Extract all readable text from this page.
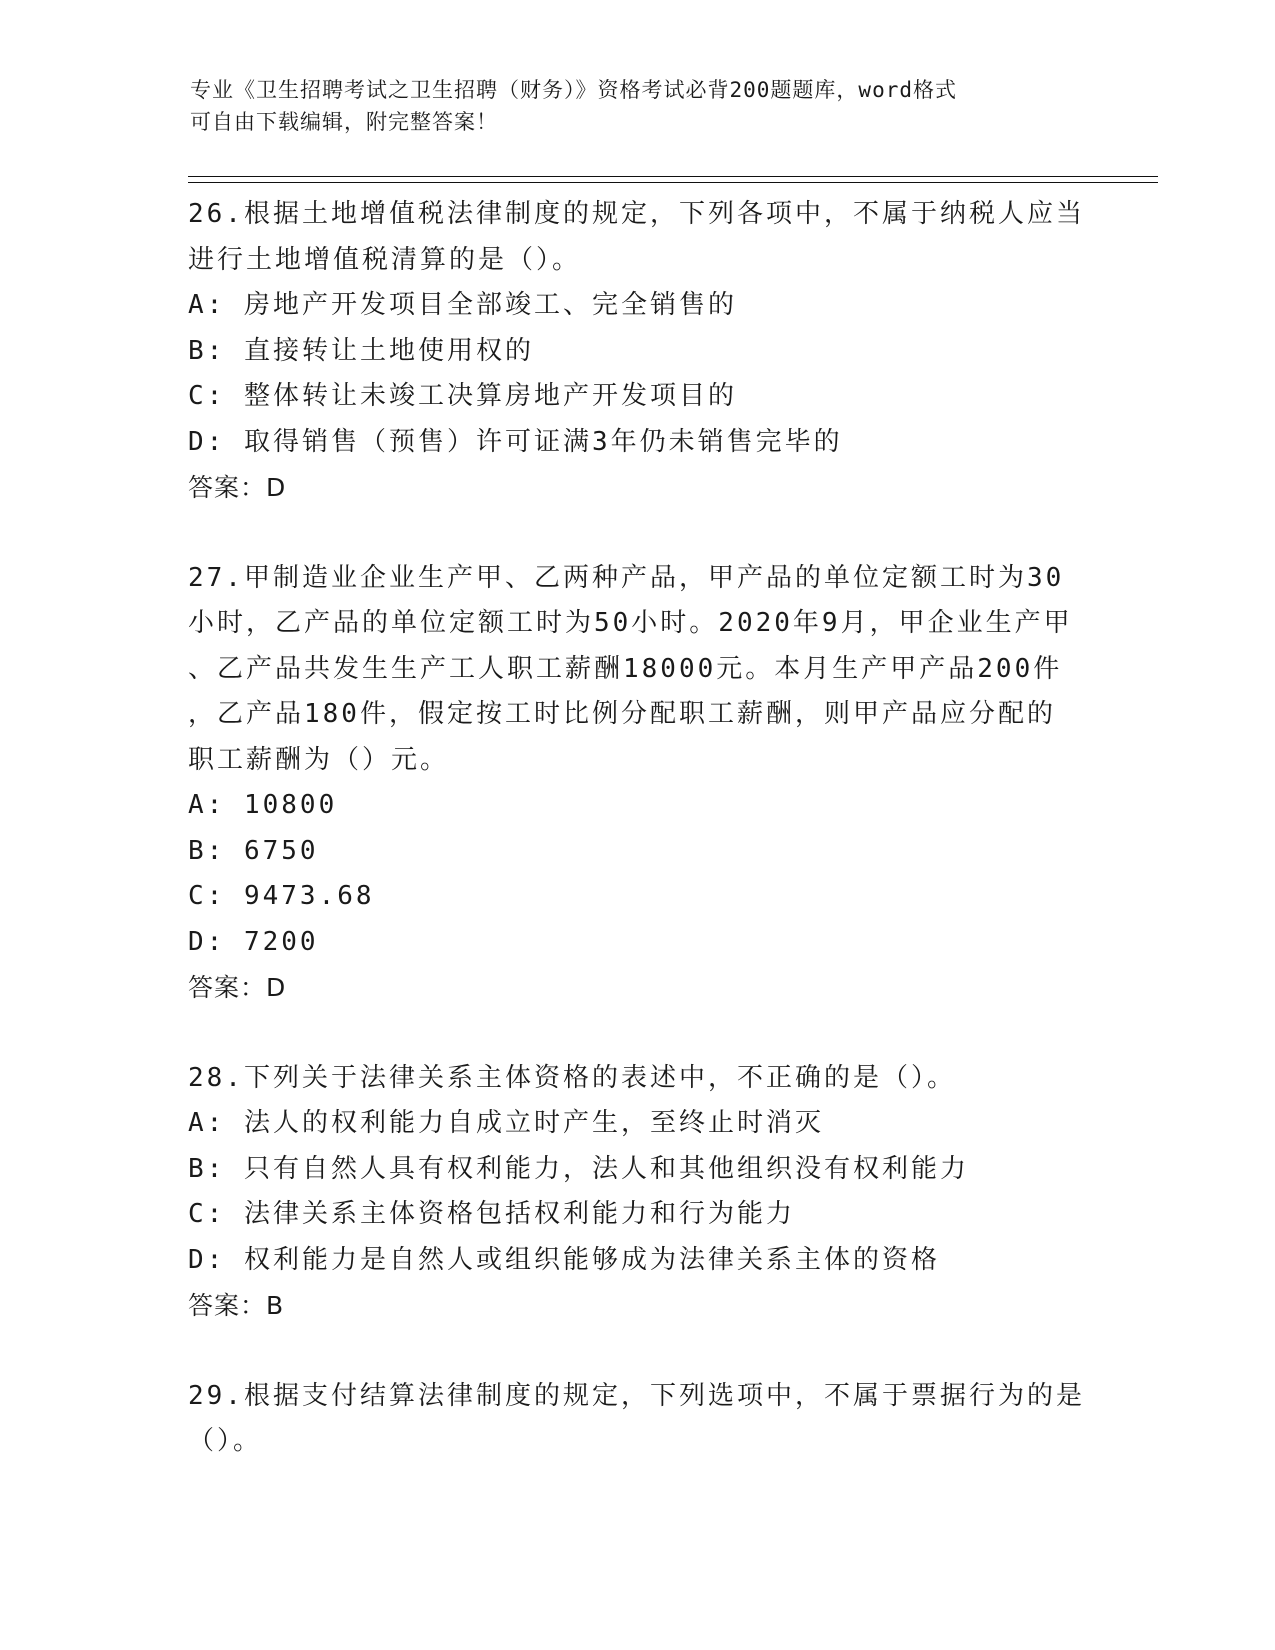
专业《卫生招聘考试之卫生招聘（财务）》资格考试必背200题题库，word格式
可自由下载编辑，附完整答案！
26.根据土地增值税法律制度的规定，下列各项中，不属于纳税人应当
进行土地增值税清算的是（）。
A: 房地产开发项目全部竣工、完全销售的
B: 直接转让土地使用权的
C: 整体转让未竣工决算房地产开发项目的
D: 取得销售（预售）许可证满3年仍未销售完毕的
答案：D
27.甲制造业企业生产甲、乙两种产品，甲产品的单位定额工时为30
小时，乙产品的单位定额工时为50小时。2020年9月，甲企业生产甲
、乙产品共发生生产工人职工薪酬18000元。本月生产甲产品200件
，乙产品180件，假定按工时比例分配职工薪酬，则甲产品应分配的
职工薪酬为（）元。
A: 10800
B: 6750
C: 9473.68
D: 7200
答案：D
28.下列关于法律关系主体资格的表述中，不正确的是（）。
A: 法人的权利能力自成立时产生，至终止时消灭
B: 只有自然人具有权利能力，法人和其他组织没有权利能力
C: 法律关系主体资格包括权利能力和行为能力
D: 权利能力是自然人或组织能够成为法律关系主体的资格
答案：B
29.根据支付结算法律制度的规定，下列选项中，不属于票据行为的是
（）。
